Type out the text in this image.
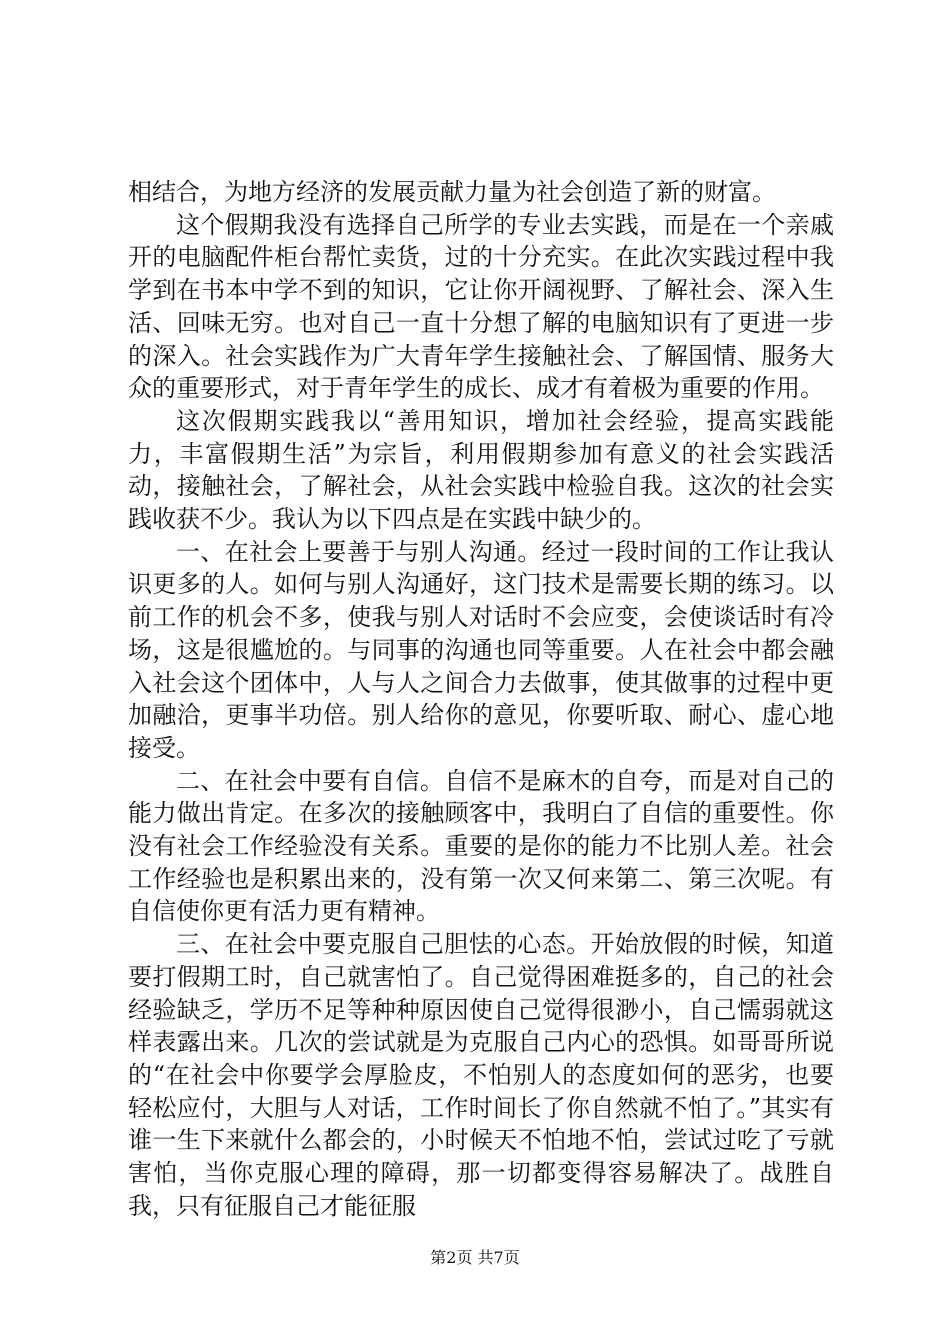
相结合，为地方经济的发展贡献力量为社会创造了新的财富。

这个假期我没有选择自己所学的专业去实践，而是在一个亲戚开的电脑配件柜台帮忙卖货，过的十分充实。在此次实践过程中我学到在书本中学不到的知识，它让你开阔视野、了解社会、深入生活、回味无穷。也对自己一直十分想了解的电脑知识有了更进一步的深入。社会实践作为广大青年学生接触社会、了解国情、服务大众的重要形式，对于青年学生的成长、成才有着极为重要的作用。

这次假期实践我以“善用知识，增加社会经验，提高实践能力，丰富假期生活”为宗旨，利用假期参加有意义的社会实践活动，接触社会，了解社会，从社会实践中检验自我。这次的社会实践收获不少。我认为以下四点是在实践中缺少的。

一、在社会上要善于与别人沟通。经过一段时间的工作让我认识更多的人。如何与别人沟通好，这门技术是需要长期的练习。以前工作的机会不多，使我与别人对话时不会应变，会使谈话时有冷场，这是很尴尬的。与同事的沟通也同等重要。人在社会中都会融入社会这个团体中，人与人之间合力去做事，使其做事的过程中更加融洽，更事半功倍。别人给你的意见，你要听取、耐心、虚心地接受。

二、在社会中要有自信。自信不是麻木的自夸，而是对自己的能力做出肯定。在多次的接触顾客中，我明白了自信的重要性。你没有社会工作经验没有关系。重要的是你的能力不比别人差。社会工作经验也是积累出来的，没有第一次又何来第二、第三次呢。有自信使你更有活力更有精神。

三、在社会中要克服自己胆怯的心态。开始放假的时候，知道要打假期工时，自己就害怕了。自己觉得困难挺多的，自己的社会经验缺乏，学历不足等种种原因使自己觉得很渺小，自己懦弱就这样表露出来。几次的尝试就是为克服自己内心的恐惧。如哥哥所说的“在社会中你要学会厚脸皮，不怕别人的态度如何的恶劣，也要轻松应付，大胆与人对话，工作时间长了你自然就不怕了。”其实有谁一生下来就什么都会的，小时候天不怕地不怕，尝试过吃了亏就害怕，当你克服心理的障碍，那一切都变得容易解决了。战胜自我，只有征服自己才能征服

第2页 共7页
